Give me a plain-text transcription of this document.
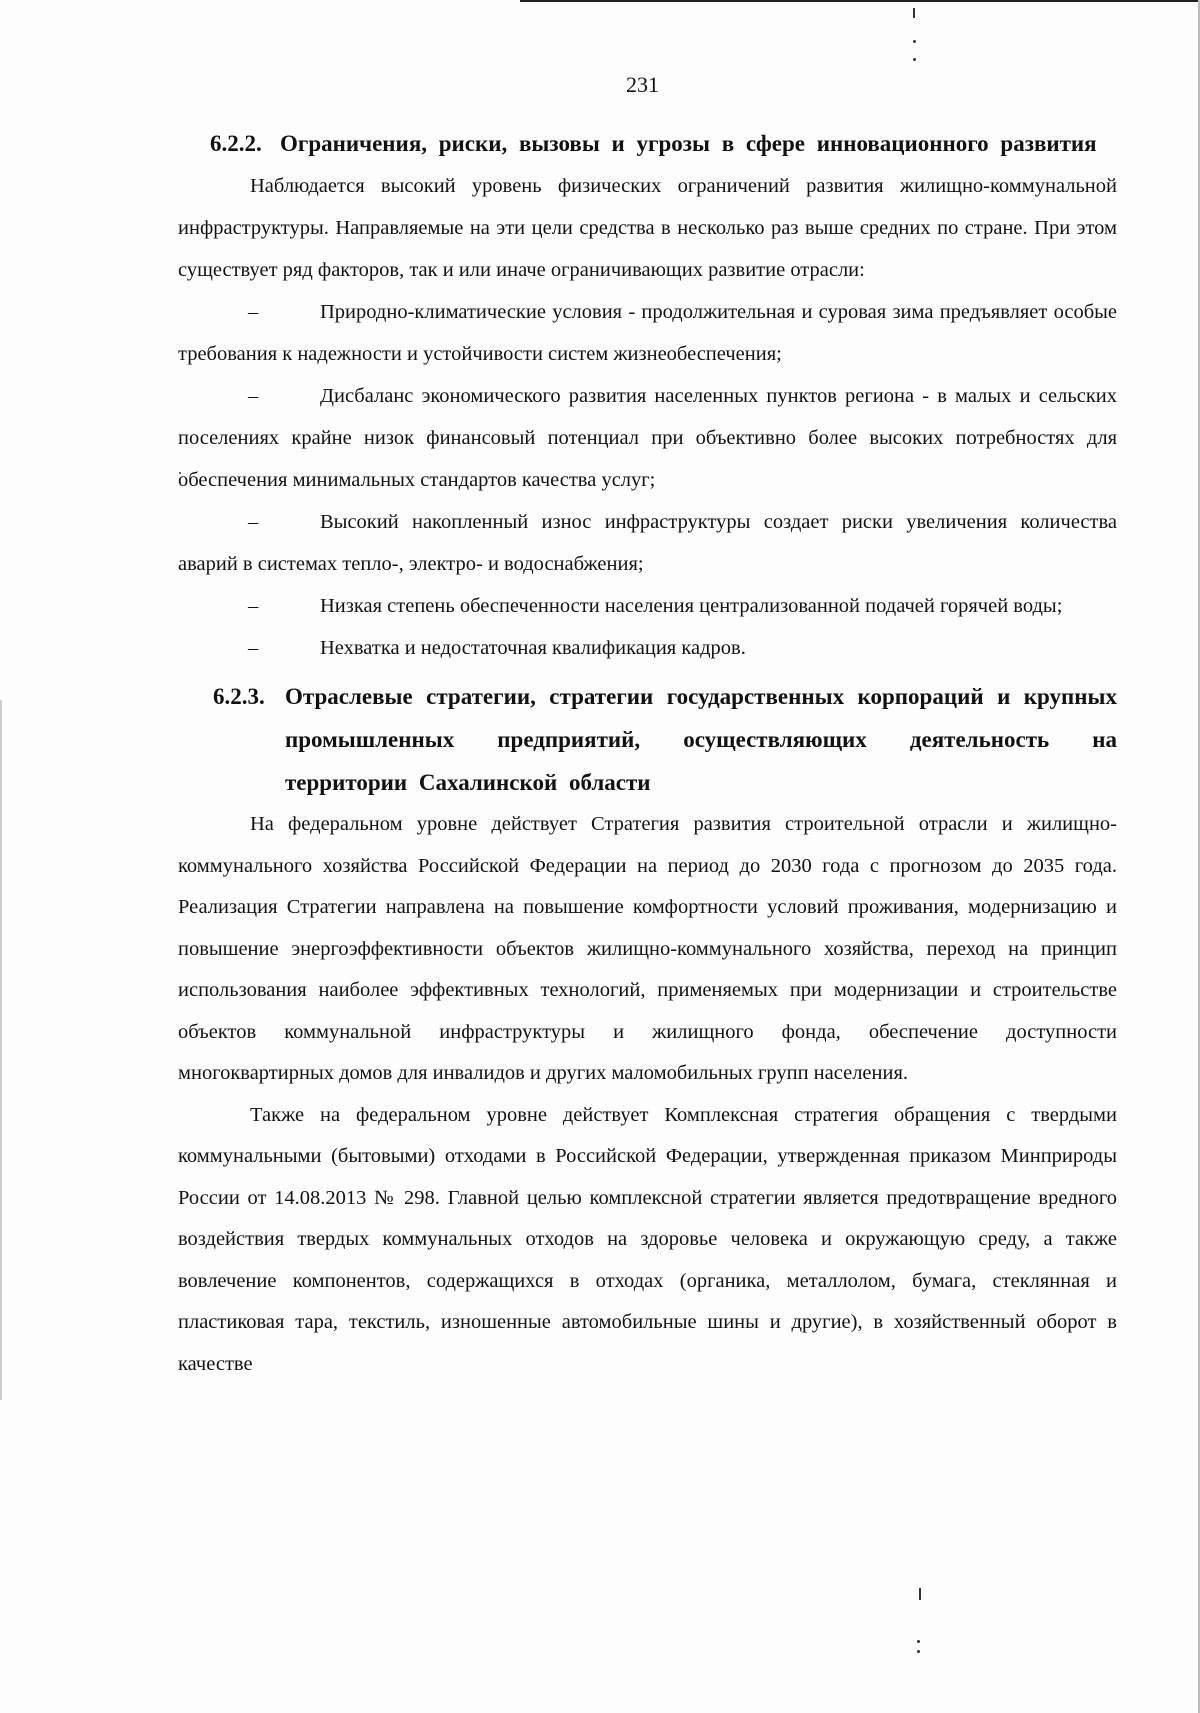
231
6.2.2. Ограничения, риски, вызовы и угрозы в сфере инновационного развития

Наблюдается высокий уровень физических ограничений развития жилищно-коммунальной инфраструктуры. Направляемые на эти цели средства в несколько раз выше средних по стране. При этом существует ряд факторов, так и или иначе ограничивающих развитие отрасли:

–	Природно-климатические условия - продолжительная и суровая зима предъявляет особые требования к надежности и устойчивости систем жизнеобеспечения;

–	Дисбаланс экономического развития населенных пунктов региона - в малых и сельских поселениях крайне низок финансовый потенциал при объективно более высоких потребностях для обеспечения минимальных стандартов качества услуг;

–	Высокий накопленный износ инфраструктуры создает риски увеличения количества аварий в системах тепло-, электро- и водоснабжения;

–	Низкая степень обеспеченности населения централизованной подачей горячей воды;

–	Нехватка и недостаточная квалификация кадров.

6.2.3. Отраслевые стратегии, стратегии государственных корпораций и крупных промышленных предприятий, осуществляющих деятельность на территории Сахалинской области

На федеральном уровне действует Стратегия развития строительной отрасли и жилищно-коммунального хозяйства Российской Федерации на период до 2030 года с прогнозом до 2035 года. Реализация Стратегии направлена на повышение комфортности условий проживания, модернизацию и повышение энергоэффективности объектов жилищно-коммунального хозяйства, переход на принцип использования наиболее эффективных технологий, применяемых при модернизации и строительстве объектов коммунальной инфраструктуры и жилищного фонда, обеспечение доступности многоквартирных домов для инвалидов и других маломобильных групп населения.

Также на федеральном уровне действует Комплексная стратегия обращения с твердыми коммунальными (бытовыми) отходами в Российской Федерации, утвержденная приказом Минприроды России от 14.08.2013 № 298. Главной целью комплексной стратегии является предотвращение вредного воздействия твердых коммунальных отходов на здоровье человека и окружающую среду, а также вовлечение компонентов, содержащихся в отходах (органика, металлолом, бумага, стеклянная и пластиковая тара, текстиль, изношенные автомобильные шины и другие), в хозяйственный оборот в качестве
